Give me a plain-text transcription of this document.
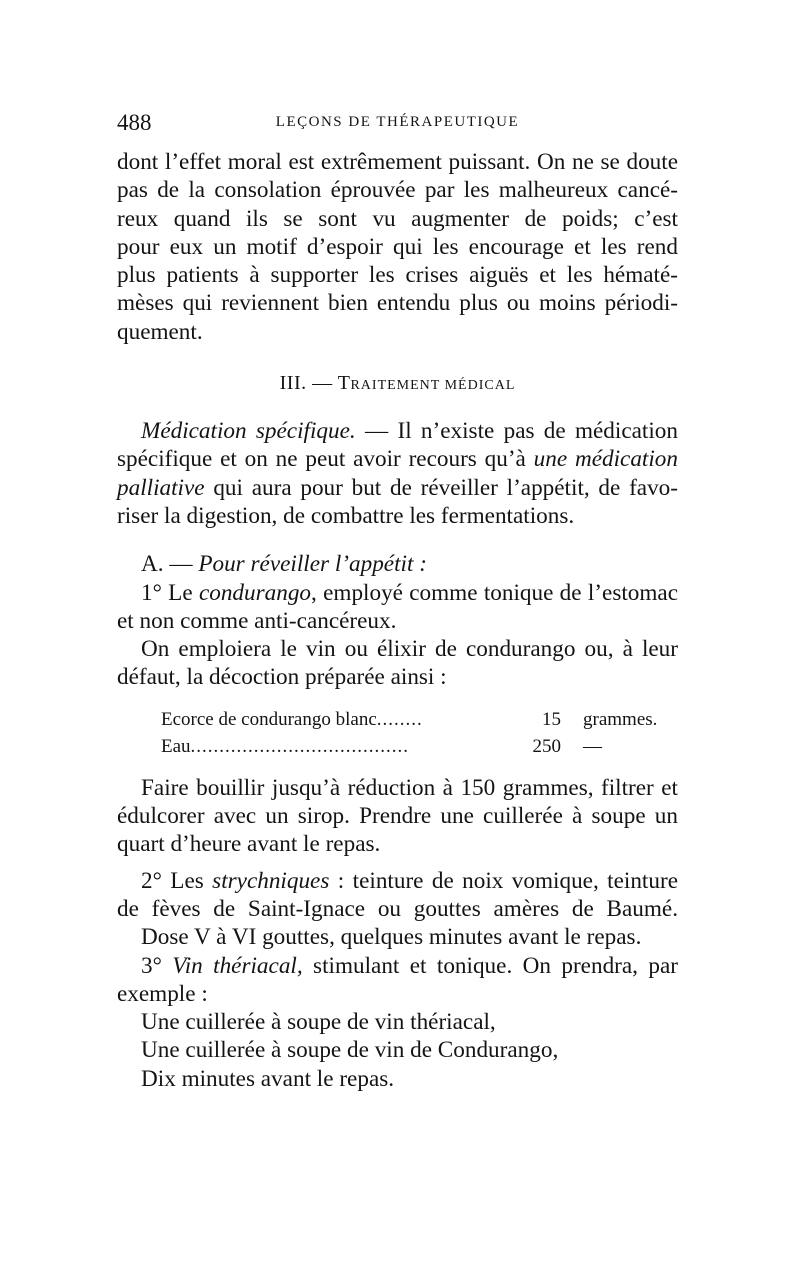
488	LEÇONS DE THÉRAPEUTIQUE

dont l’effet moral est extrêmement puissant. On ne se doute

pas de la consolation éprouvée par les malheureux cancé-

reux quand ils se sont vu augmenter de poids; c’est

pour eux un motif d’espoir qui les encourage et les rend

plus patients à supporter les crises aiguës et les hématé-

mèses qui reviennent bien entendu plus ou moins périodi-

quement.

III. — TRAITEMENT MÉDICAL

Médication spécifique. — Il n’existe pas de médication

spécifique et on ne peut avoir recours qu’à une médication

palliative qui aura pour but de réveiller l’appétit, de favo-

riser la digestion, de combattre les fermentations.

A. — Pour réveiller l’appétit :

1° Le condurango, employé comme tonique de l’estomac

et non comme anti-cancéreux.

On emploiera le vin ou élixir de condurango ou, à leur

défaut, la décoction préparée ainsi :

Ecorce de condurango blanc........	15 grammes.
Eau......................................	250 —

Faire bouillir jusqu’à réduction à 150 grammes, filtrer et

édulcorer avec un sirop. Prendre une cuillerée à soupe un

quart d’heure avant le repas.

2° Les strychniques : teinture de noix vomique, teinture

de fèves de Saint-Ignace ou gouttes amères de Baumé.

Dose V à VI gouttes, quelques minutes avant le repas.

3° Vin thériacal, stimulant et tonique. On prendra, par

exemple :

Une cuillerée à soupe de vin thériacal,

Une cuillerée à soupe de vin de Condurango,

Dix minutes avant le repas.
